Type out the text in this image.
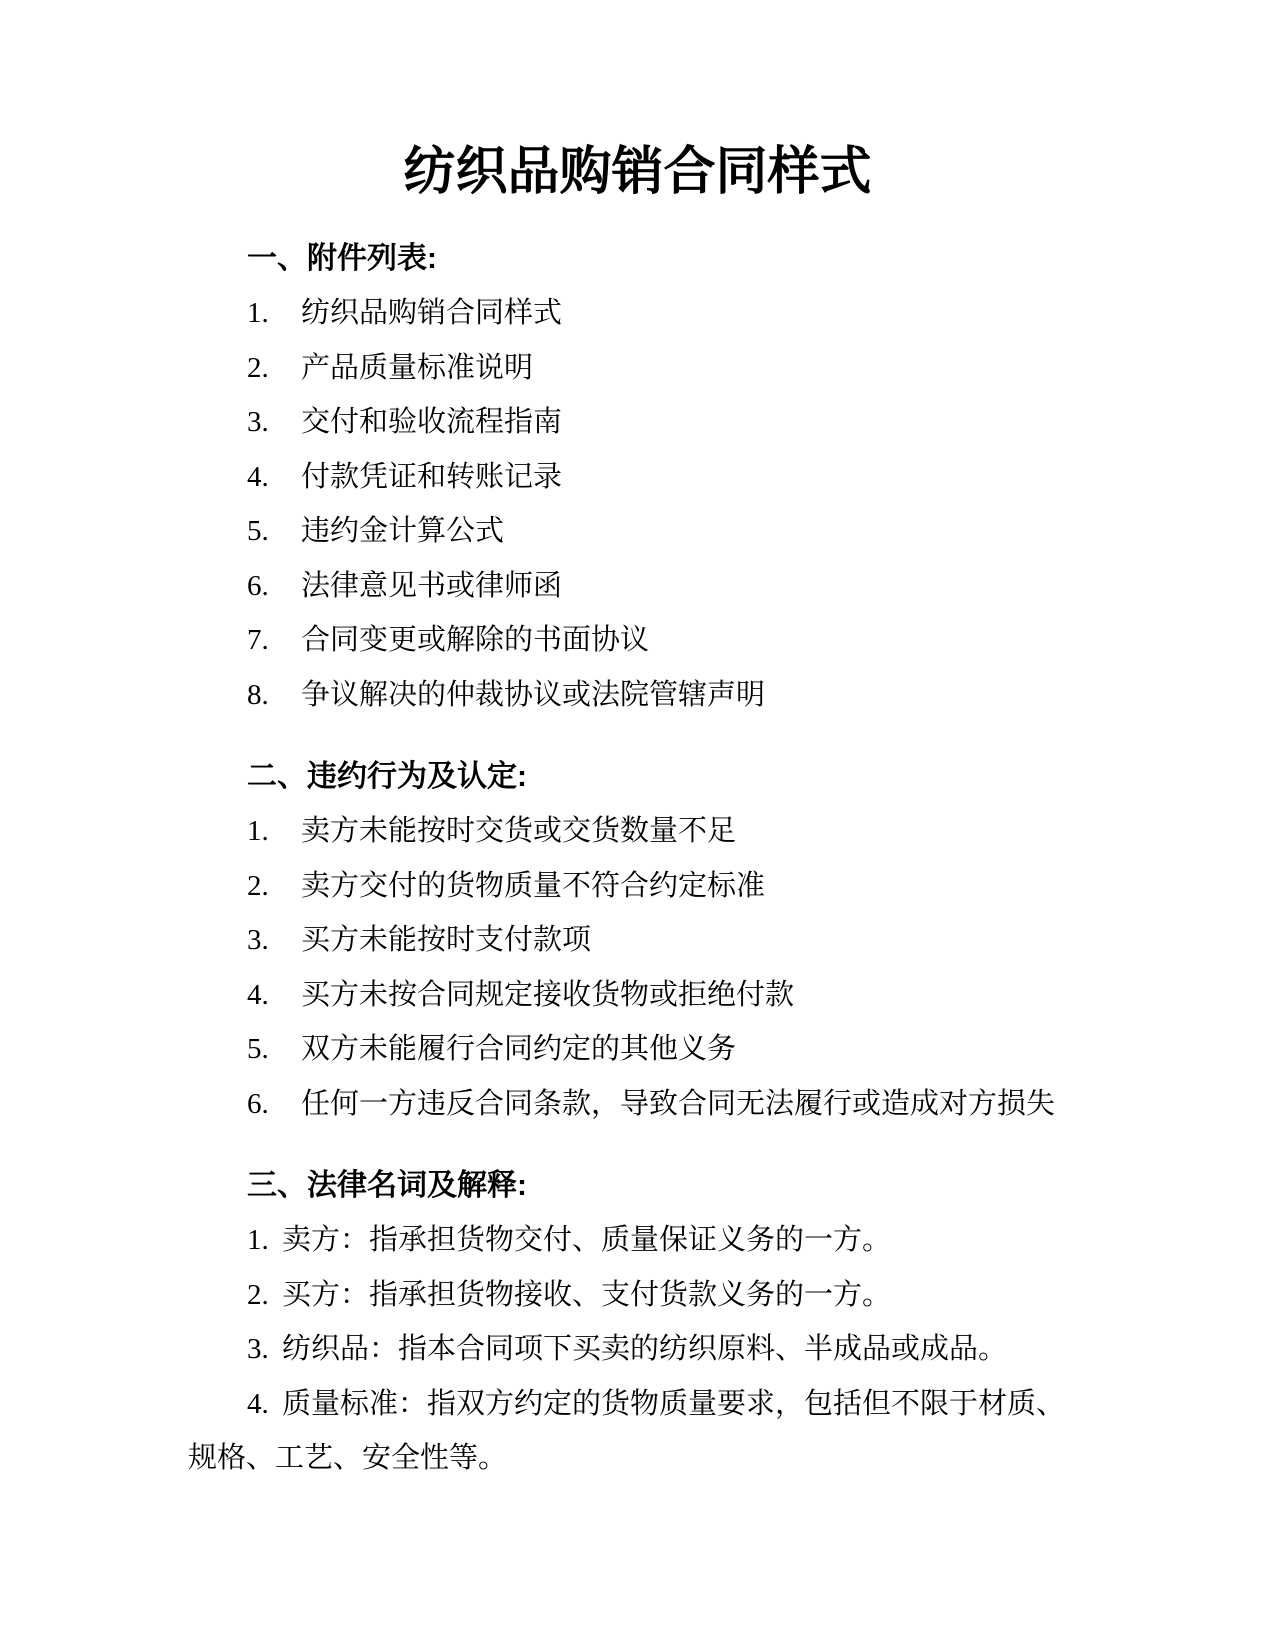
纺织品购销合同样式

一、附件列表:

1. 纺织品购销合同样式

2. 产品质量标准说明

3. 交付和验收流程指南

4. 付款凭证和转账记录

5. 违约金计算公式

6. 法律意见书或律师函

7. 合同变更或解除的书面协议

8. 争议解决的仲裁协议或法院管辖声明

二、违约行为及认定:

1. 卖方未能按时交货或交货数量不足

2. 卖方交付的货物质量不符合约定标准

3. 买方未能按时支付款项

4. 买方未按合同规定接收货物或拒绝付款

5. 双方未能履行合同约定的其他义务

6. 任何一方违反合同条款，导致合同无法履行或造成对方损失

三、法律名词及解释:

1. 卖方：指承担货物交付、质量保证义务的一方。

2. 买方：指承担货物接收、支付货款义务的一方。

3. 纺织品：指本合同项下买卖的纺织原料、半成品或成品。

4. 质量标准：指双方约定的货物质量要求，包括但不限于材质、规格、工艺、安全性等。
